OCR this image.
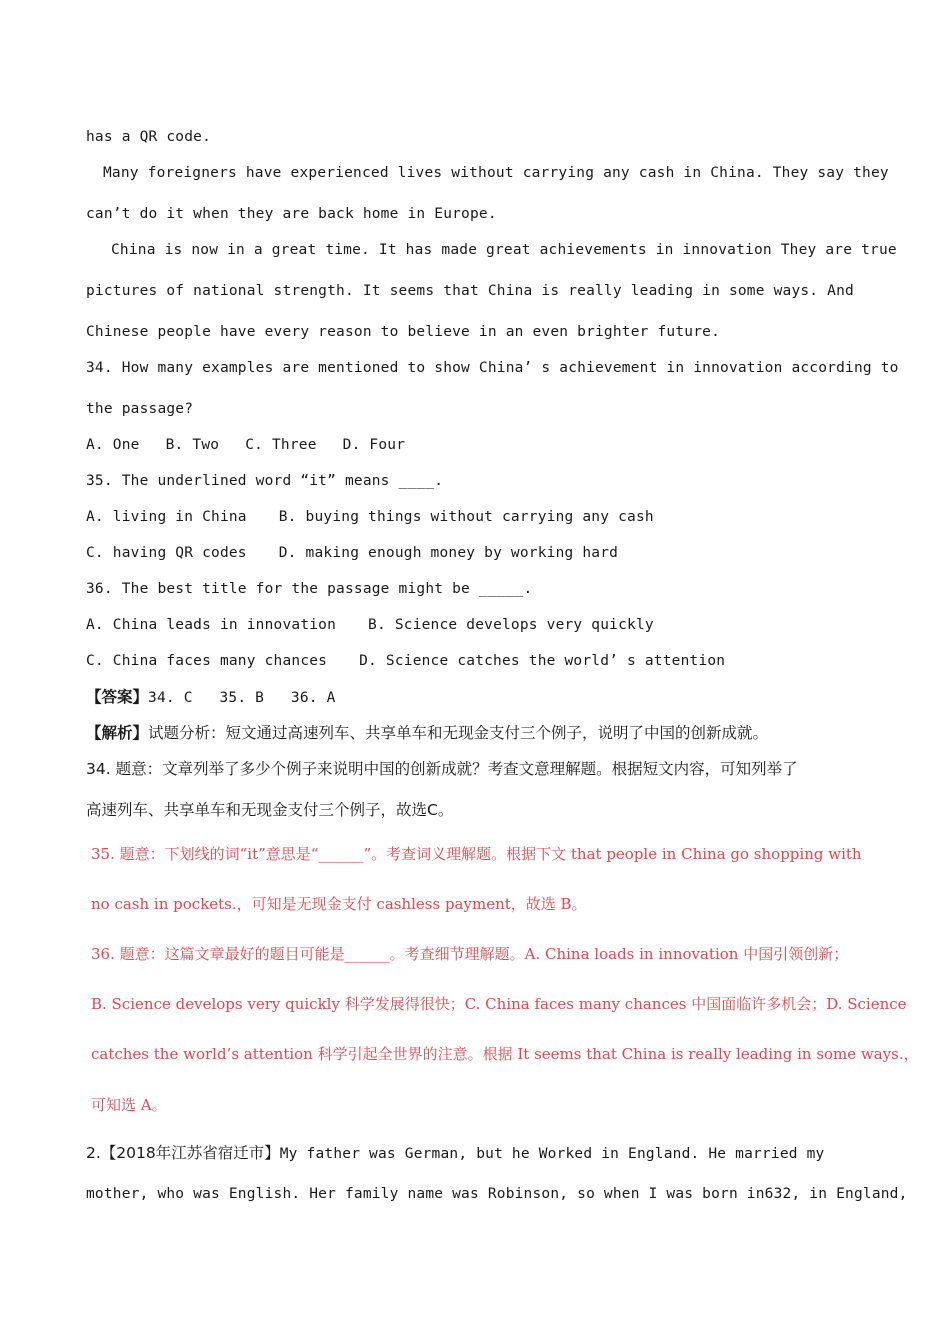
has a QR code.
Many foreigners have experienced lives without carrying any cash in China. They say they
can’t do it when they are back home in Europe.
China is now in a great time. It has made great achievements in innovation They are true
pictures of national strength. It seems that China is really leading in some ways. And
Chinese people have every reason to believe in an even brighter future.
34. How many examples are mentioned to show China’ s achievement in innovation according to
the passage?
A. One B. Two C. Three D. Four
35. The underlined word “it” means ____.
A. living in China B. buying things without carrying any cash
C. having QR codes D. making enough money by working hard
36. The best title for the passage might be _____.
A. China leads in innovation B. Science develops very quickly
C. China faces many chances D. Science catches the world’ s attention
【答案】34. C   35. B   36. A
【解析】试题分析：短文通过高速列车、共享单车和无现金支付三个例子，说明了中国的创新成就。
34. 题意：文章列举了多少个例子来说明中国的创新成就？考查文意理解题。根据短文内容，可知列举了
高速列车、共享单车和无现金支付三个例子，故选C。
35. 题意：下划线的词“it”意思是“______”。考查词义理解题。根据下文 that people in China go shopping with
no cash in pockets.，可知是无现金支付 cashless payment，故选 B。
36. 题意：这篇文章最好的题目可能是______。考查细节理解题。A. China loads in innovation 中国引领创新；
B. Science develops very quickly 科学发展得很快；C. China faces many chances 中国面临许多机会；D. Science
catches the world’s attention 科学引起全世界的注意。根据 It seems that China is really leading in some ways.，
可知选 A。
2.【2018年江苏省宿迁市】My father was German, but he Worked in England. He married my
mother, who was English. Her family name was Robinson, so when I was born in632, in England,
